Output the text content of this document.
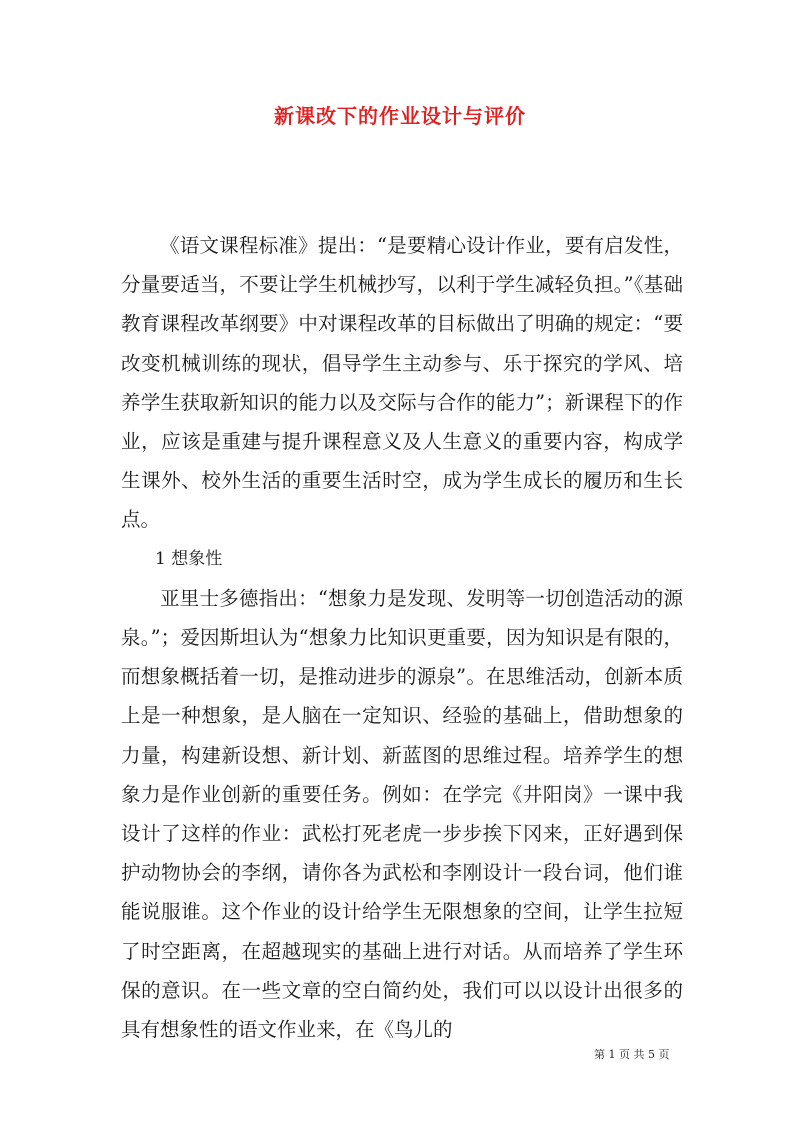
新课改下的作业设计与评价

《语文课程标准》提出：“是要精心设计作业，要有启发性，分量要适当，不要让学生机械抄写，以利于学生减轻负担。”《基础教育课程改革纲要》中对课程改革的目标做出了明确的规定：“要改变机械训练的现状，倡导学生主动参与、乐于探究的学风、培养学生获取新知识的能力以及交际与合作的能力”；新课程下的作业，应该是重建与提升课程意义及人生意义的重要内容，构成学生课外、校外生活的重要生活时空，成为学生成长的履历和生长点。

1 想象性

亚里士多德指出：“想象力是发现、发明等一切创造活动的源泉。”；爱因斯坦认为“想象力比知识更重要，因为知识是有限的，而想象概括着一切，是推动进步的源泉”。在思维活动，创新本质上是一种想象，是人脑在一定知识、经验的基础上，借助想象的力量，构建新设想、新计划、新蓝图的思维过程。培养学生的想象力是作业创新的重要任务。例如：在学完《井阳岗》一课中我设计了这样的作业：武松打死老虎一步步挨下冈来，正好遇到保护动物协会的李纲，请你各为武松和李刚设计一段台词，他们谁能说服谁。这个作业的设计给学生无限想象的空间，让学生拉短了时空距离，在超越现实的基础上进行对话。从而培养了学生环保的意识。在一些文章的空白简约处，我们可以以设计出很多的具有想象性的语文作业来，在《鸟儿的

第 1 页 共 5 页
